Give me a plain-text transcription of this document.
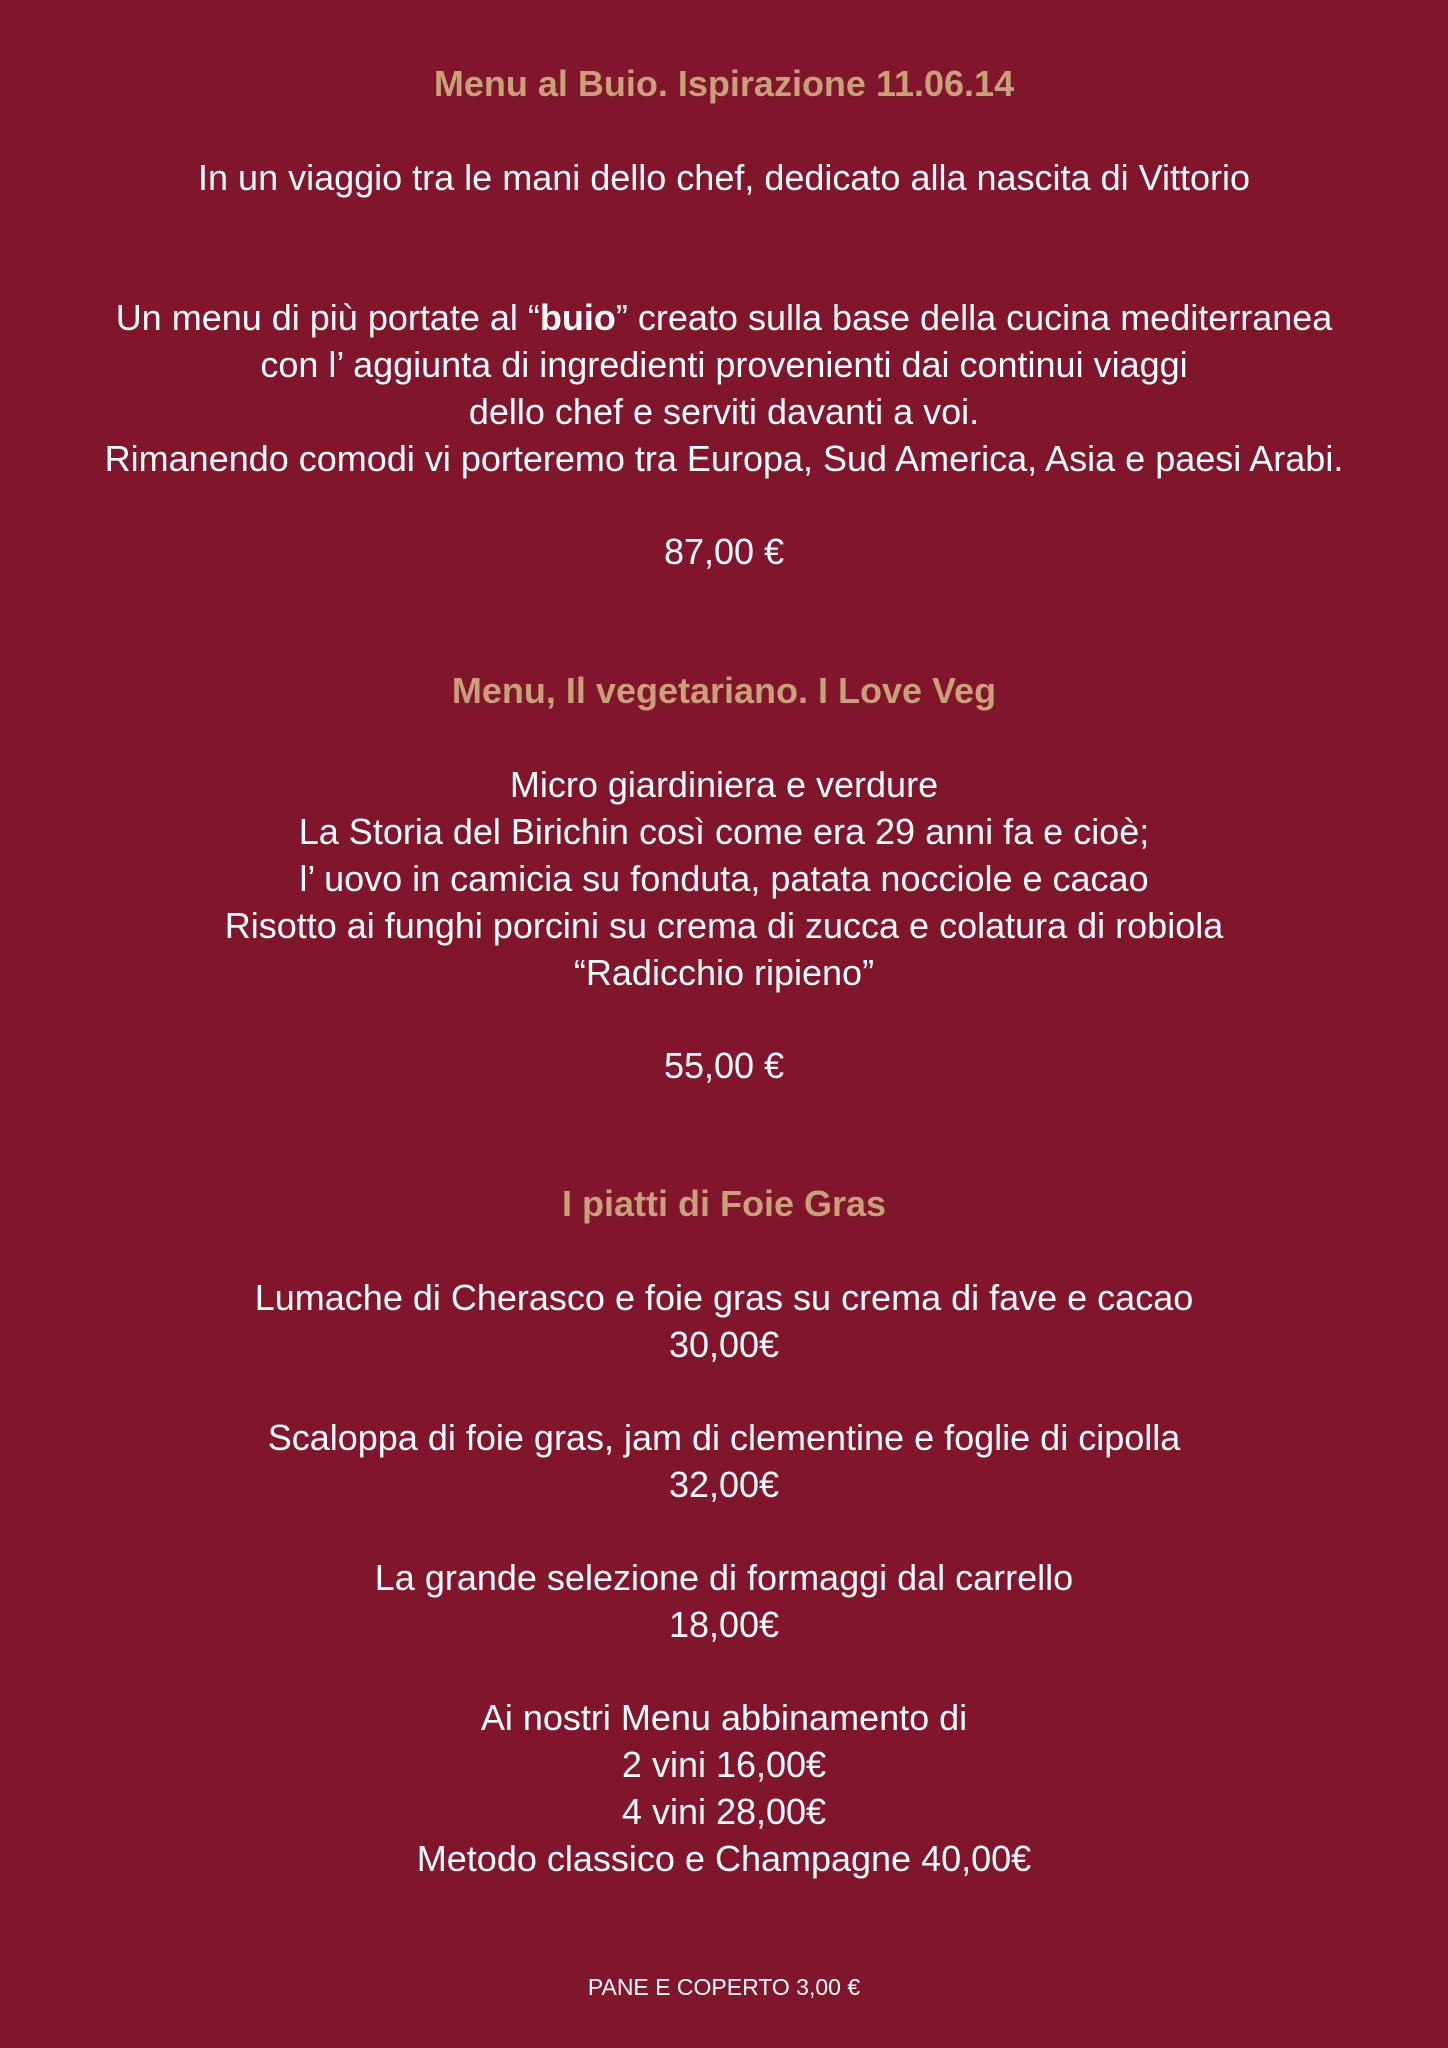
Menu al Buio. Ispirazione 11.06.14
In un viaggio tra le mani dello chef, dedicato alla nascita di Vittorio
Un menu di più portate al “buio” creato sulla base della cucina mediterranea
con l’ aggiunta di ingredienti provenienti dai continui viaggi
dello chef e serviti davanti a voi.
Rimanendo comodi vi porteremo tra Europa, Sud America, Asia e paesi Arabi.
87,00 €
Menu, Il vegetariano. I Love Veg
Micro giardiniera e verdure
La Storia del Birichin così come era 29 anni fa e cioè;
l’ uovo in camicia su fonduta, patata nocciole e cacao
Risotto ai funghi porcini su crema di zucca e colatura di robiola
“Radicchio ripieno”
55,00 €
I piatti di Foie Gras
Lumache di Cherasco e foie gras su crema di fave e cacao
30,00€
Scaloppa di foie gras, jam di clementine e foglie di cipolla
32,00€
La grande selezione di formaggi dal carrello
18,00€
Ai nostri Menu abbinamento di
2 vini 16,00€
4 vini 28,00€
Metodo classico e Champagne 40,00€
PANE E COPERTO 3,00 €
